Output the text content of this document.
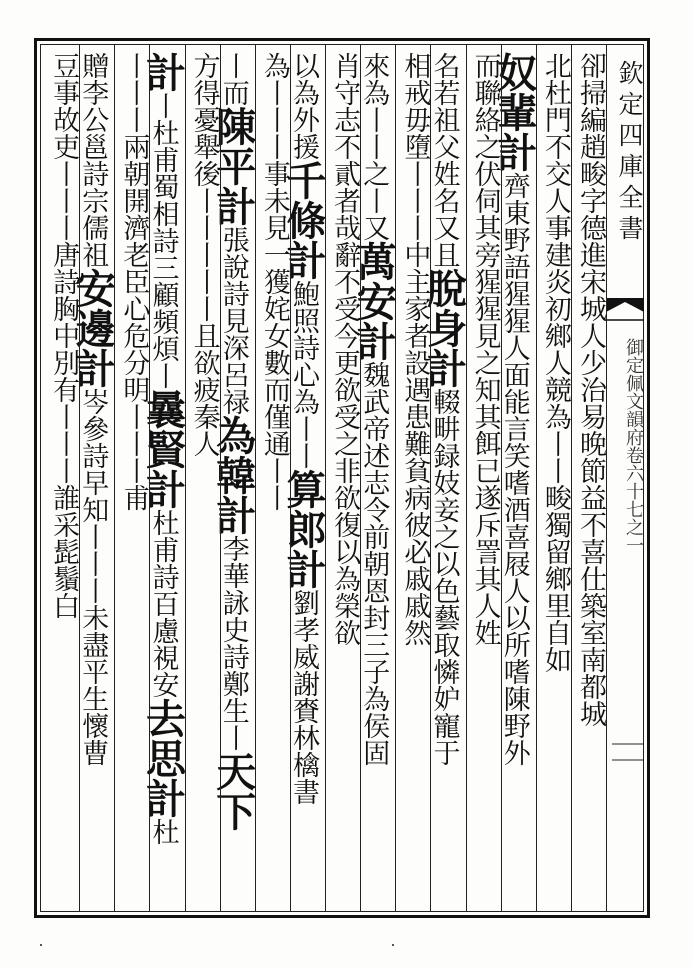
欽定四庫全書
御定佩文韻府卷六十七之一
卻掃編趙畯字德進宋城人少治易晚節益不喜仕築室南都城
北杜門不交人事建炎初鄉人競為丨丨畯獨留鄉里自如
奴輩計齊東野語猩猩人面能言笑嗜酒喜屐人以所嗜陳野外
而聯絡之伏伺其旁猩猩見之知其餌已遂斥詈其人姓
名若祖父姓名又且脫身計輟畊録妓妾之以色藝取憐妒寵于
相戒毋墮丨丨丨中主家者設遇患難貧病彼必戚戚然
來為丨丨之丨又萬安計魏武帝述志令前朝恩封三子為侯固
肖守志不貳者哉辭不受今更欲受之非欲復以為榮欲
以為外援千條計鮑照詩心為丨丨算郎計劉孝威謝賚林檎書
為丨丨丨事未見一獲姹女數而僅通丨丨
丨而陳平計張說詩見深呂禄為韓計李華詠史詩鄭生丨天下
方得憂舉後丨丨丨丨丨且欲疲秦人
計丨杜甫蜀相詩三顧頻煩丨曩賢計杜甫詩百慮視安去思計杜
丨丨丨兩朝開濟老臣心危分明丨丨丨甫
贈李公邕詩宗儒祖安邊計岑參詩早知丨丨丨未盡平生懷曹
豆事故吏丨丨丨唐詩胸中別有丨丨丨誰采髭鬚白
